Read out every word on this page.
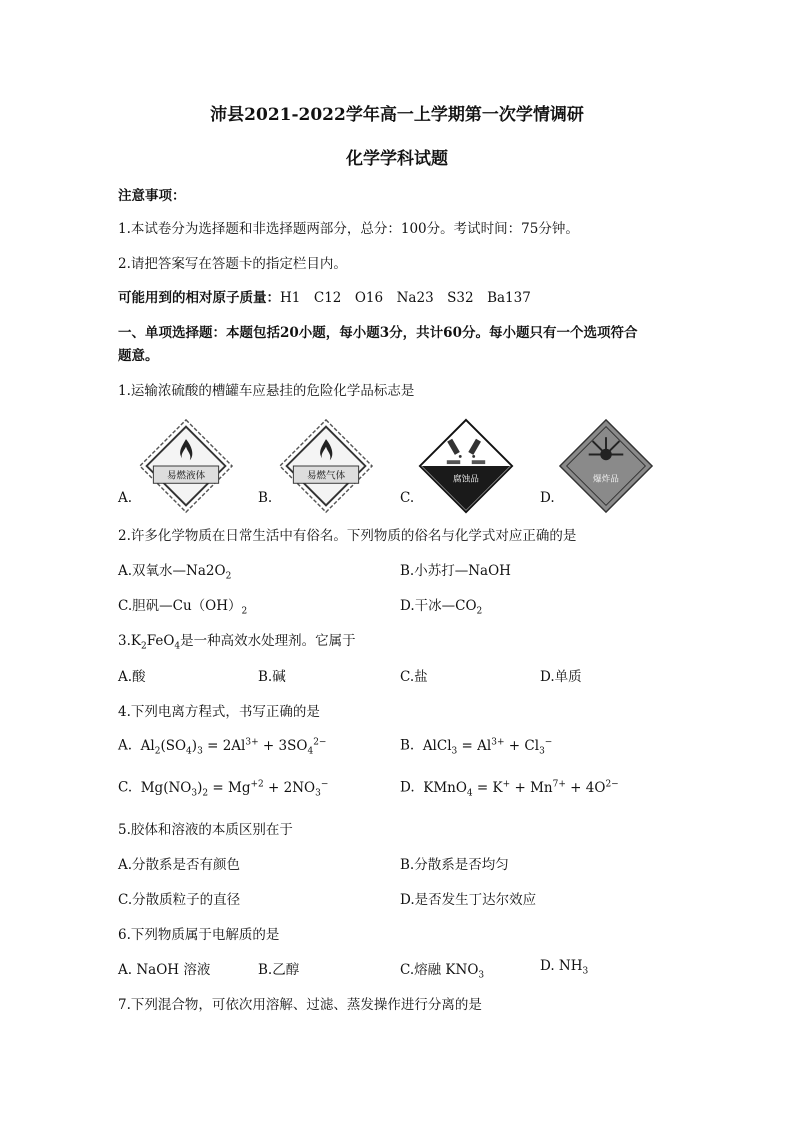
沛县2021-2022学年高一上学期第一次学情调研
化学学科试题
注意事项：
1.本试卷分为选择题和非选择题两部分，总分：100分。考试时间：75分钟。
2.请把答案写在答题卡的指定栏目内。
可能用到的相对原子质量：H1　C12　O16　Na23　S32　Ba137
一、单项选择题：本题包括20小题，每小题3分，共计60分。每小题只有一个选项符合
题意。
1.运输浓硫酸的槽罐车应悬挂的危险化学品标志是
易燃液体
A.
易燃气体
B.
腐蚀品
C.
爆炸品
D.
2.许多化学物质在日常生活中有俗名。下列物质的俗名与化学式对应正确的是
A.双氧水$—Na2O_2$	B.小苏打—NaOH
C.胆矾$—Cu(OH)_2$	D.干冰$—CO_2$
$3.K_2FeO_4$是一种高效水处理剂。它属于
A.酸	B.碱	C.盐	D.单质
4.下列电离方程式，书写正确的是
A. $Al_2(SO_4)_3 = 2Al^{3+} + 3SO_4^{2-}$	B. AlCl$_3$ = $Al^{3+} + Cl_3^-$
C. $Mg(NO_3)_2 = Mg^{+2} + 2NO_3^-$	D. KMnO$_4$ = $K^+ + Mn^{7+} + 4O^{2-}$
5.胶体和溶液的本质区别在于
A.分散系是否有颜色	B.分散系是否均匀
C.分散质粒子的直径	D.是否发生丁达尔效应
6.下列物质属于电解质的是
A. NaOH 溶液	B.乙醇	C.熔融 $KNO_3$
D. $NH_3$
7.下列混合物，可依次用溶解、过滤、蒸发操作进行分离的是
